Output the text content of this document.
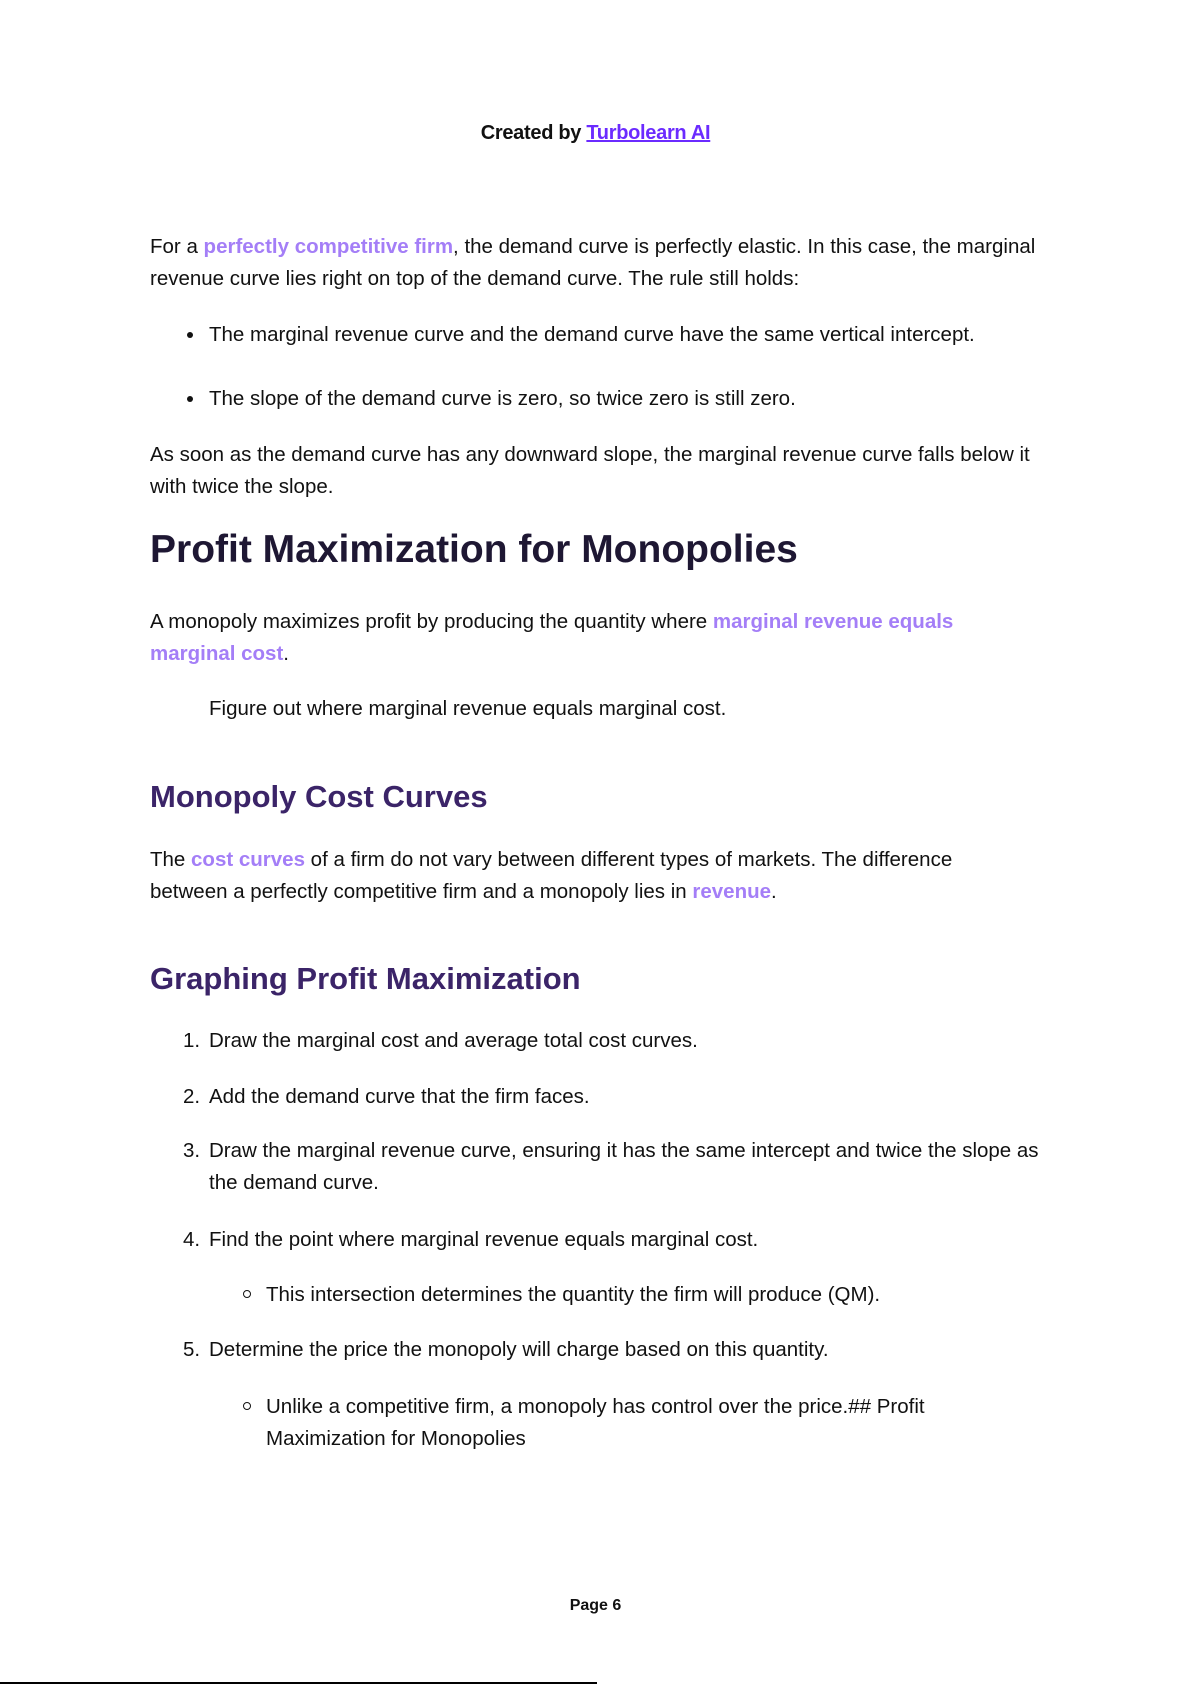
Created by Turbolearn AI
For a perfectly competitive firm, the demand curve is perfectly elastic. In this case, the marginal revenue curve lies right on top of the demand curve. The rule still holds:
The marginal revenue curve and the demand curve have the same vertical intercept.
The slope of the demand curve is zero, so twice zero is still zero.
As soon as the demand curve has any downward slope, the marginal revenue curve falls below it with twice the slope.
Profit Maximization for Monopolies
A monopoly maximizes profit by producing the quantity where marginal revenue equals marginal cost.
Figure out where marginal revenue equals marginal cost.
Monopoly Cost Curves
The cost curves of a firm do not vary between different types of markets. The difference between a perfectly competitive firm and a monopoly lies in revenue.
Graphing Profit Maximization
1. Draw the marginal cost and average total cost curves.
2. Add the demand curve that the firm faces.
3. Draw the marginal revenue curve, ensuring it has the same intercept and twice the slope as the demand curve.
4. Find the point where marginal revenue equals marginal cost.
This intersection determines the quantity the firm will produce (QM).
5. Determine the price the monopoly will charge based on this quantity.
Unlike a competitive firm, a monopoly has control over the price.## Profit Maximization for Monopolies
Page 6
